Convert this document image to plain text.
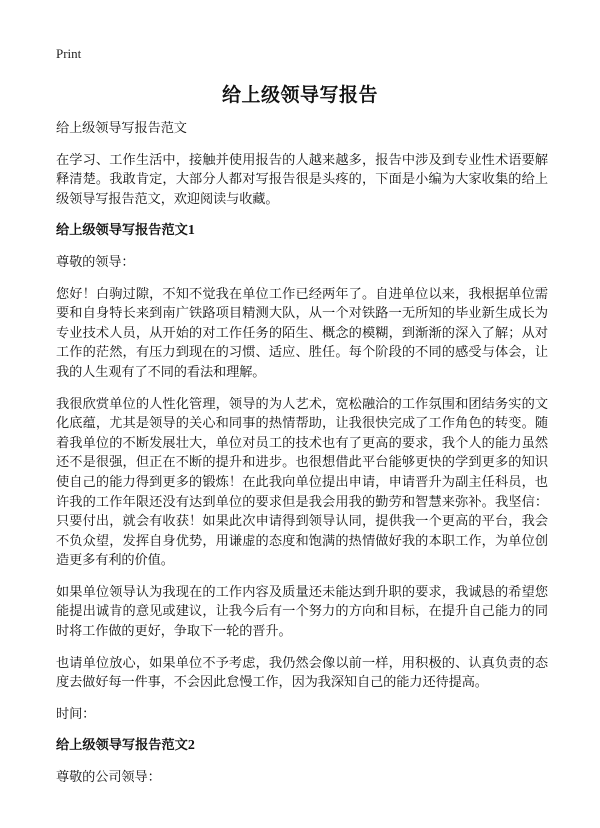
Print
给上级领导写报告

给上级领导写报告范文

在学习、工作生活中，接触并使用报告的人越来越多，报告中涉及到专业性术语要解释清楚。我敢肯定，大部分人都对写报告很是头疼的，下面是小编为大家收集的给上级领导写报告范文，欢迎阅读与收藏。

给上级领导写报告范文1

尊敬的领导：

您好！白驹过隙，不知不觉我在单位工作已经两年了。自进单位以来，我根据单位需要和自身特长来到南广铁路项目精测大队，从一个对铁路一无所知的毕业新生成长为专业技术人员，从开始的对工作任务的陌生、概念的模糊，到渐渐的深入了解；从对工作的茫然，有压力到现在的习惯、适应、胜任。每个阶段的不同的感受与体会，让我的人生观有了不同的看法和理解。

我很欣赏单位的人性化管理，领导的为人艺术，宽松融洽的工作氛围和团结务实的文化底蕴，尤其是领导的关心和同事的热情帮助，让我很快完成了工作角色的转变。随着我单位的不断发展壮大，单位对员工的技术也有了更高的要求，我个人的能力虽然还不是很强，但正在不断的提升和进步。也很想借此平台能够更快的学到更多的知识使自己的能力得到更多的锻炼！在此我向单位提出申请，申请晋升为副主任科员，也许我的工作年限还没有达到单位的要求但是我会用我的勤劳和智慧来弥补。我坚信：只要付出，就会有收获！如果此次申请得到领导认同，提供我一个更高的平台，我会不负众望，发挥自身优势，用谦虚的态度和饱满的热情做好我的本职工作，为单位创造更多有利的价值。

如果单位领导认为我现在的工作内容及质量还未能达到升职的要求，我诚恳的希望您能提出诚肯的意见或建议，让我今后有一个努力的方向和目标，在提升自己能力的同时将工作做的更好，争取下一轮的晋升。

也请单位放心，如果单位不予考虑，我仍然会像以前一样，用积极的、认真负责的态度去做好每一件事，不会因此怠慢工作，因为我深知自己的能力还待提高。

时间：

给上级领导写报告范文2

尊敬的公司领导：
